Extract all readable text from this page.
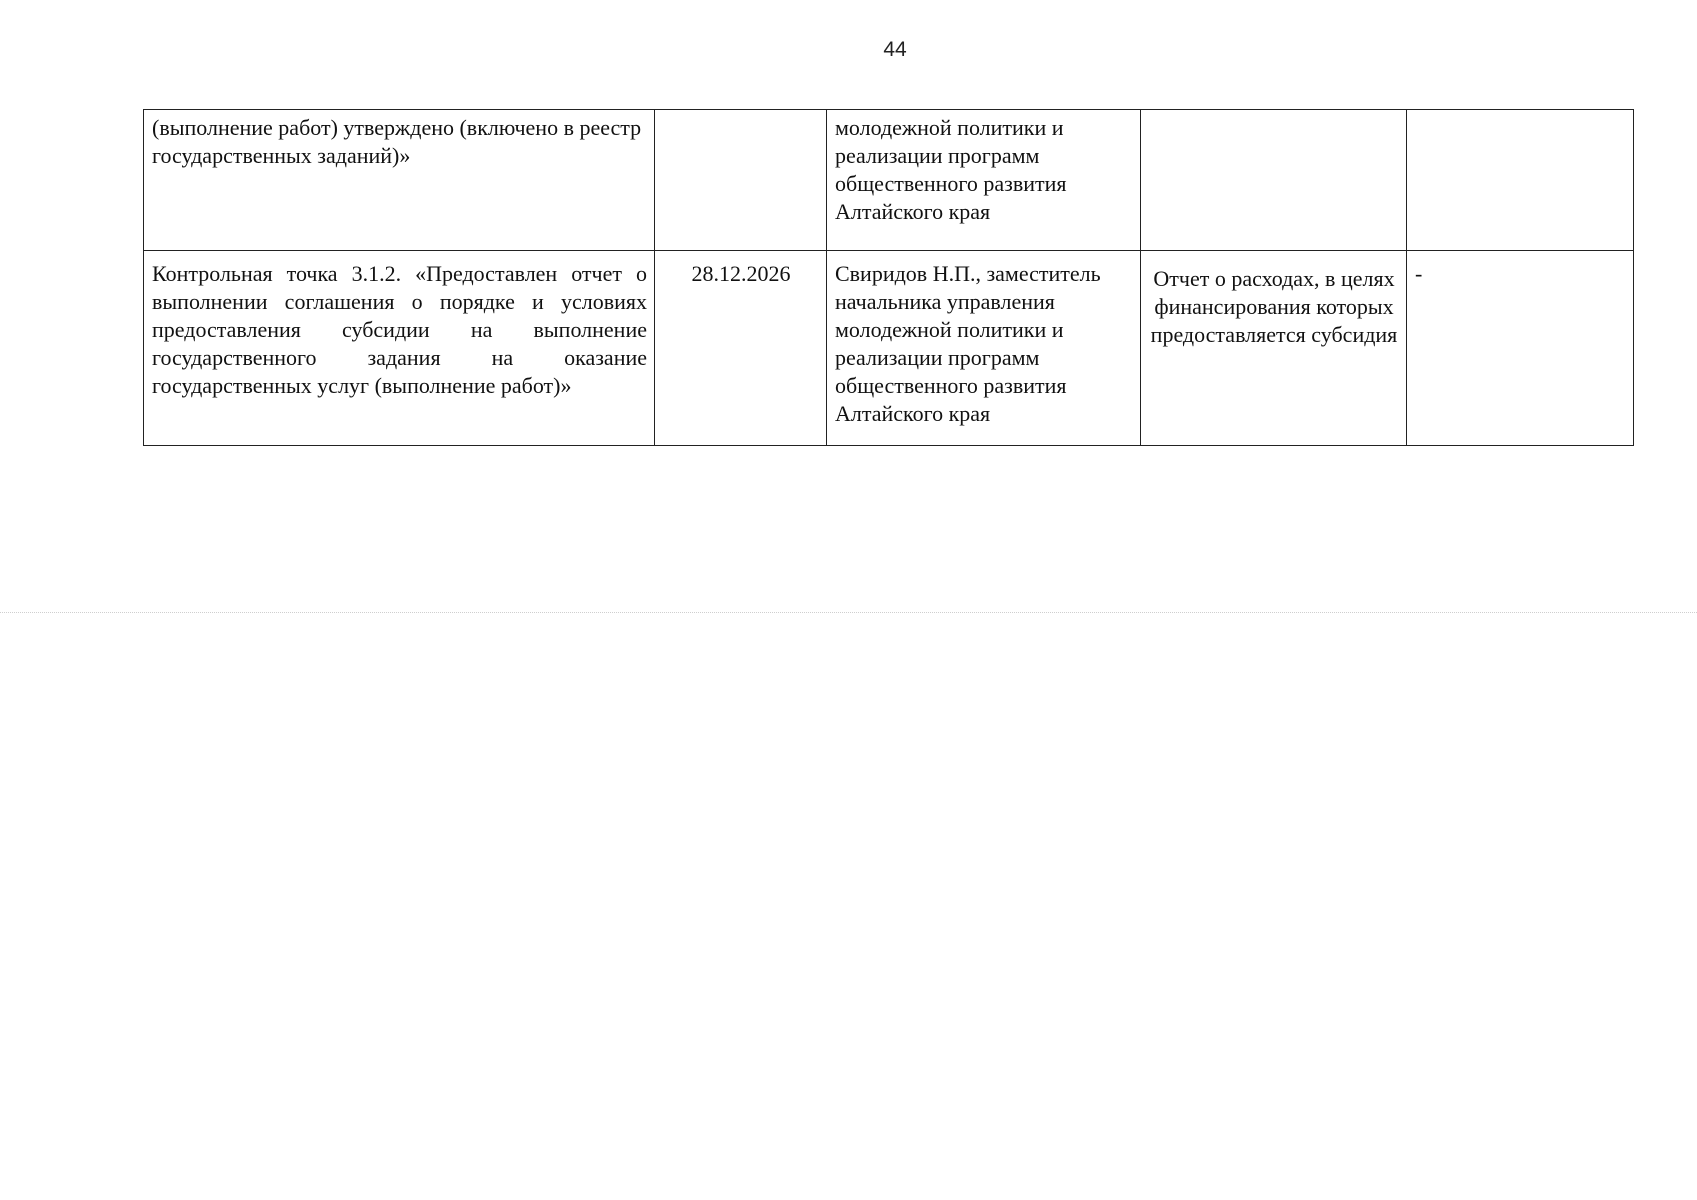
44
(выполнение работ) утверждено (включено в реестр государственных заданий)»		молодежной политики и реализации программ общественного развития Алтайского края		
Контрольная точка 3.1.2. «Предоставлен отчет о выполнении соглашения о порядке и условиях предоставления субсидии на выполнение государственного задания на оказание государственных услуг (выполнение работ)»	28.12.2026	Свиридов Н.П., заместитель начальника управления молодежной политики и реализации программ общественного развития Алтайского края	Отчет о расходах, в целях финансирования которых предоставляется субсидия	-
